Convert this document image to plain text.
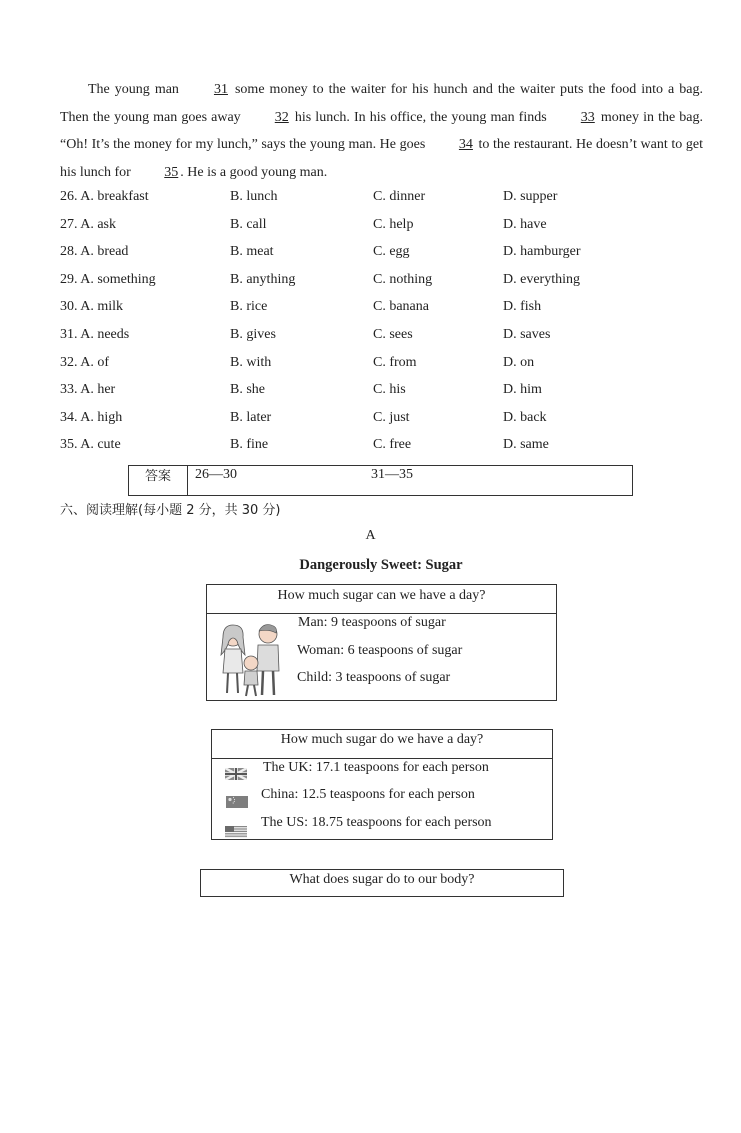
The young man 31 some money to the waiter for his hunch and the waiter puts the food into a bag. Then the young man goes away 32 his lunch. In his office, the young man finds 33 money in the bag. “Oh! It’s the money for my lunch,” says the young man. He goes 34 to the restaurant. He doesn’t want to get his lunch for 35 . He is a good young man.
26. A. breakfast	B. lunch	C. dinner	D. supper
27. A. ask	B. call	C. help	D. have
28. A. bread	B. meat	C. egg	D. hamburger
29. A. something	B. anything	C. nothing	D. everything
30. A. milk	B. rice	C. banana	D. fish
31. A. needs	B. gives	C. sees	D. saves
32. A. of	B. with	C. from	D. on
33. A. her	B. she	C. his	D. him
34. A. high	B. later	C. just	D. back
35. A. cute	B. fine	C. free	D. same
答案	26—30	31—35
六、阅读理解(每小题 2 分，共 30 分)
A
Dangerously Sweet: Sugar
How much sugar can we have a day?
Man: 9 teaspoons of sugar
Woman: 6 teaspoons of sugar
Child: 3 teaspoons of sugar
How much sugar do we have a day?
The UK: 17.1 teaspoons for each person
China: 12.5 teaspoons for each person
The US: 18.75 teaspoons for each person
What does sugar do to our body?
